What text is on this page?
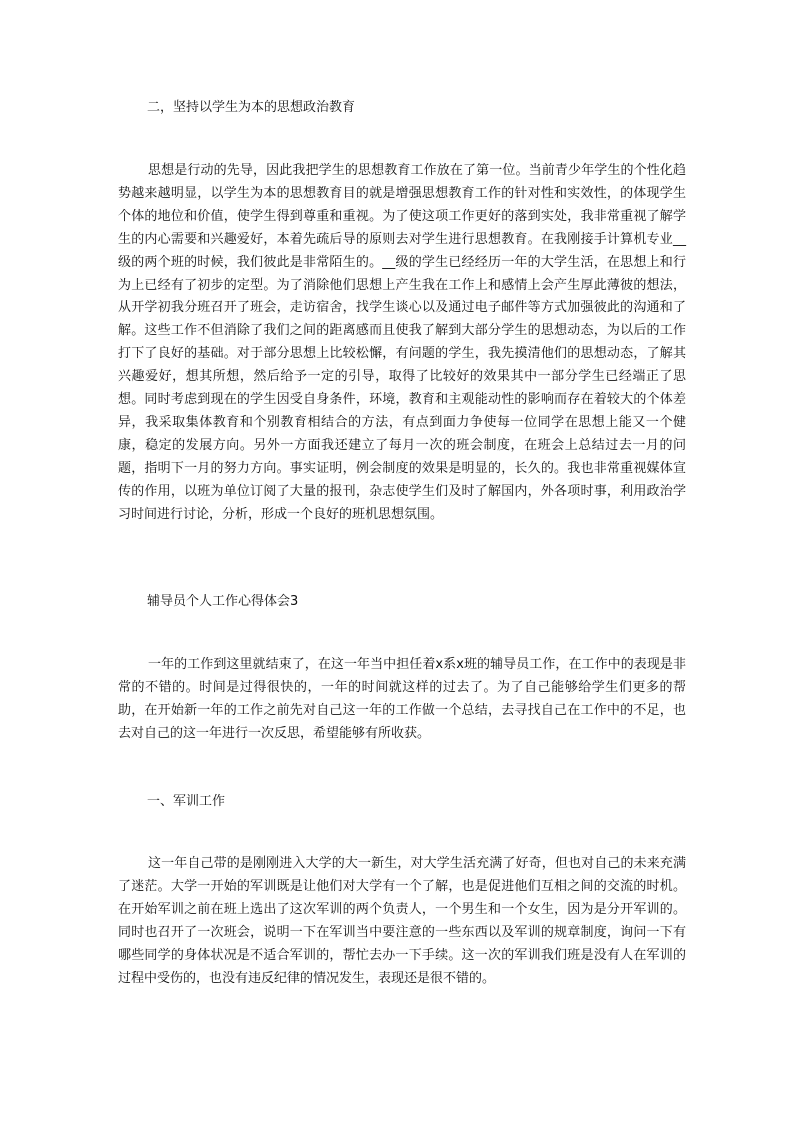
二，坚持以学生为本的思想政治教育

思想是行动的先导，因此我把学生的思想教育工作放在了第一位。当前青少年学生的个性化趋势越来越明显，以学生为本的思想教育目的就是增强思想教育工作的针对性和实效性，的体现学生个体的地位和价值，使学生得到尊重和重视。为了使这项工作更好的落到实处，我非常重视了解学生的内心需要和兴趣爱好，本着先疏后导的原则去对学生进行思想教育。在我刚接手计算机专业__级的两个班的时候，我们彼此是非常陌生的。__级的学生已经经历一年的大学生活，在思想上和行为上已经有了初步的定型。为了消除他们思想上产生我在工作上和感情上会产生厚此薄彼的想法，从开学初我分班召开了班会，走访宿舍，找学生谈心以及通过电子邮件等方式加强彼此的沟通和了解。这些工作不但消除了我们之间的距离感而且使我了解到大部分学生的思想动态，为以后的工作打下了良好的基础。对于部分思想上比较松懈，有问题的学生，我先摸清他们的思想动态，了解其兴趣爱好，想其所想，然后给予一定的引导，取得了比较好的效果其中一部分学生已经端正了思想。同时考虑到现在的学生因受自身条件，环境，教育和主观能动性的影响而存在着较大的个体差异，我采取集体教育和个别教育相结合的方法，有点到面力争使每一位同学在思想上能又一个健康，稳定的发展方向。另外一方面我还建立了每月一次的班会制度，在班会上总结过去一月的问题，指明下一月的努力方向。事实证明，例会制度的效果是明显的，长久的。我也非常重视媒体宣传的作用，以班为单位订阅了大量的报刊，杂志使学生们及时了解国内，外各项时事，利用政治学习时间进行讨论，分析，形成一个良好的班机思想氛围。

辅导员个人工作心得体会3

一年的工作到这里就结束了，在这一年当中担任着x系x班的辅导员工作，在工作中的表现是非常的不错的。时间是过得很快的，一年的时间就这样的过去了。为了自己能够给学生们更多的帮助，在开始新一年的工作之前先对自己这一年的工作做一个总结，去寻找自己在工作中的不足，也去对自己的这一年进行一次反思，希望能够有所收获。

一、军训工作

这一年自己带的是刚刚进入大学的大一新生，对大学生活充满了好奇，但也对自己的未来充满了迷茫。大学一开始的军训既是让他们对大学有一个了解，也是促进他们互相之间的交流的时机。在开始军训之前在班上选出了这次军训的两个负责人，一个男生和一个女生，因为是分开军训的。同时也召开了一次班会，说明一下在军训当中要注意的一些东西以及军训的规章制度，询问一下有哪些同学的身体状况是不适合军训的，帮忙去办一下手续。这一次的军训我们班是没有人在军训的过程中受伤的，也没有违反纪律的情况发生，表现还是很不错的。
